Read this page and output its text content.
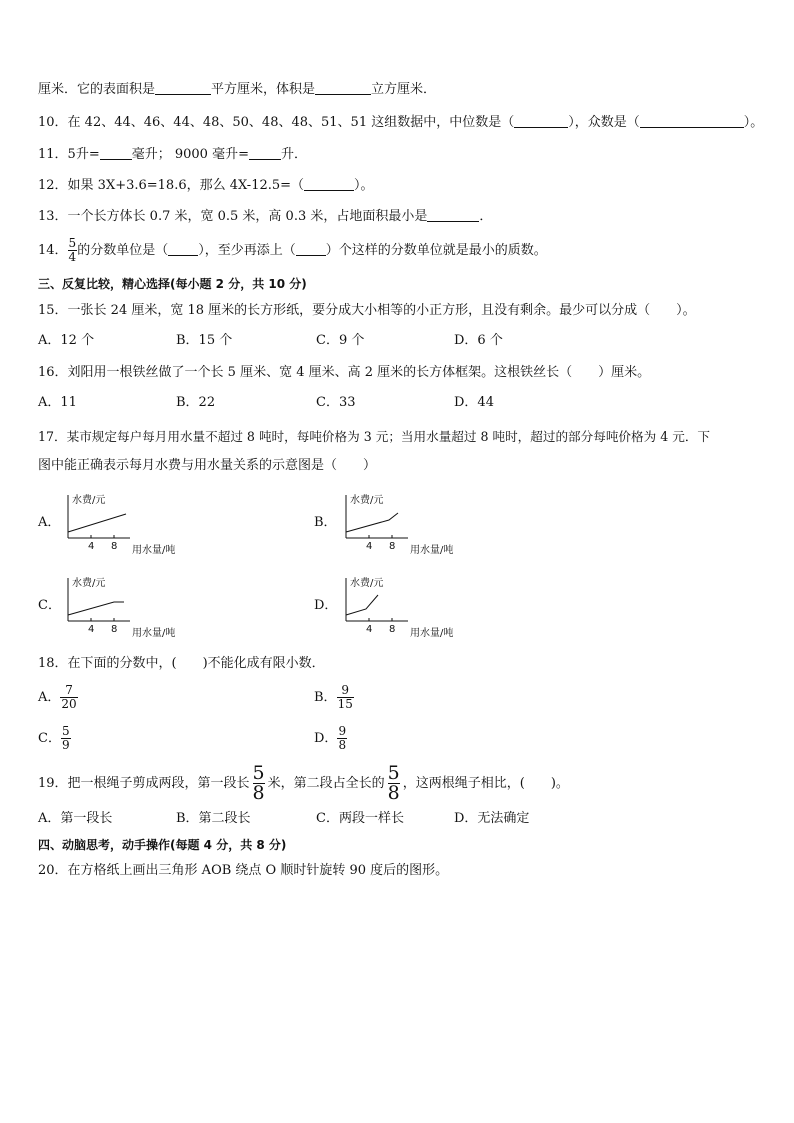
厘米．它的表面积是	平方厘米，体积是	立方厘米．
10．在 42、44、46、44、48、50、48、48、51、51 这组数据中，中位数是（	），众数是（	）。
11．5升= 毫升； 9000 毫升= 升．
12．如果 3X+3.6=18.6，那么 4X-12.5=（	）。
13．一个长方体长 0.7 米，宽 0.5 米，高 0.3 米，占地面积最小是	．
14． $\frac{5}{4}$ 的分数单位是（ ），至少再添上（ ）个这样的分数单位就是最小的质数。
三、反复比较，精心选择(每小题 2 分，共 10 分)
15．一张长 24 厘米，宽 18 厘米的长方形纸，要分成大小相等的小正方形，且没有剩余。最少可以分成（　　）。
A．12 个	B．15 个	C．9 个	D．6 个
16．刘阳用一根铁丝做了一个长 5 厘米、宽 4 厘米、高 2 厘米的长方体框架。这根铁丝长（　　）厘米。
A．11	B．22	C．33	D．44
17．某市规定每户每月用水量不超过 8 吨时，每吨价格为 3 元；当用水量超过 8 吨时，超过的部分每吨价格为 4 元．下
图中能正确表示每月水费与用水量关系的示意图是（　　）
A．
水费/元
4 8 用水量/吨
B．
水费/元
4 8 用水量/吨
C．
水费/元
4 8 用水量/吨
D．
水费/元
4 8 用水量/吨
18．在下面的分数中，(　　)不能化成有限小数．
A． $\frac{7}{20}$	B． $\frac{9}{15}$
C． $\frac{5}{9}$	D． $\frac{9}{8}$
19．把一根绳子剪成两段，第一段长 $\frac{5}{8}$ 米，第二段占全长的 $\frac{5}{8}$ ，这两根绳子相比，(　　)。
A．第一段长	B．第二段长	C．两段一样长	D．无法确定
四、动脑思考，动手操作(每题 4 分，共 8 分)
20．在方格纸上画出三角形 AOB 绕点 O 顺时针旋转 90 度后的图形。
